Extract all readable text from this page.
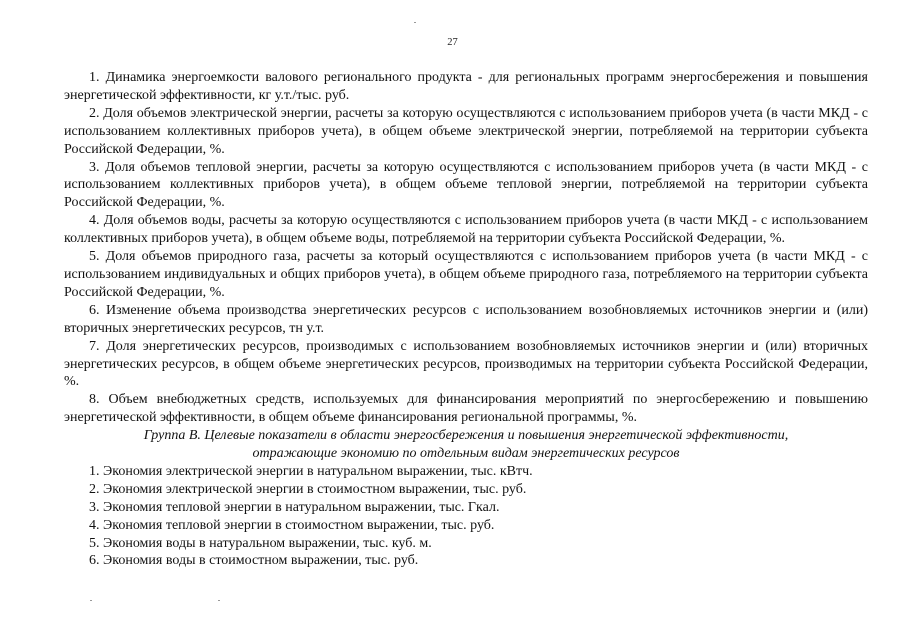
27

1. Динамика энергоемкости валового регионального продукта - для региональных программ энергосбережения и повышения энергетической эффективности, кг у.т./тыс. руб.

2. Доля объемов электрической энергии, расчеты за которую осуществляются с использованием приборов учета (в части МКД - с использованием коллективных приборов учета), в общем объеме электрической энергии, потребляемой на территории субъекта Российской Федерации, %.

3. Доля объемов тепловой энергии, расчеты за которую осуществляются с использованием приборов учета (в части МКД - с использованием коллективных приборов учета), в общем объеме тепловой энергии, потребляемой на территории субъекта Российской Федерации, %.

4. Доля объемов воды, расчеты за которую осуществляются с использованием приборов учета (в части МКД - с использованием коллективных приборов учета), в общем объеме воды, потребляемой на территории субъекта Российской Федерации, %.

5. Доля объемов природного газа, расчеты за который осуществляются с использованием приборов учета (в части МКД - с использованием индивидуальных и общих приборов учета), в общем объеме природного газа, потребляемого на территории субъекта Российской Федерации, %.

6. Изменение объема производства энергетических ресурсов с использованием возобновляемых источников энергии и (или) вторичных энергетических ресурсов, тн у.т.

7. Доля энергетических ресурсов, производимых с использованием возобновляемых источников энергии и (или) вторичных энергетических ресурсов, в общем объеме энергетических ресурсов, производимых на территории субъекта Российской Федерации, %.

8. Объем внебюджетных средств, используемых для финансирования мероприятий по энергосбережению и повышению энергетической эффективности, в общем объеме финансирования региональной программы, %.

Группа В. Целевые показатели в области энергосбережения и повышения энергетической эффективности,
отражающие экономию по отдельным видам энергетических ресурсов

1. Экономия электрической энергии в натуральном выражении, тыс. кВтч.

2. Экономия электрической энергии в стоимостном выражении, тыс. руб.

3. Экономия тепловой энергии в натуральном выражении, тыс. Гкал.

4. Экономия тепловой энергии в стоимостном выражении, тыс. руб.

5. Экономия воды в натуральном выражении, тыс. куб. м.

6. Экономия воды в стоимостном выражении, тыс. руб.
